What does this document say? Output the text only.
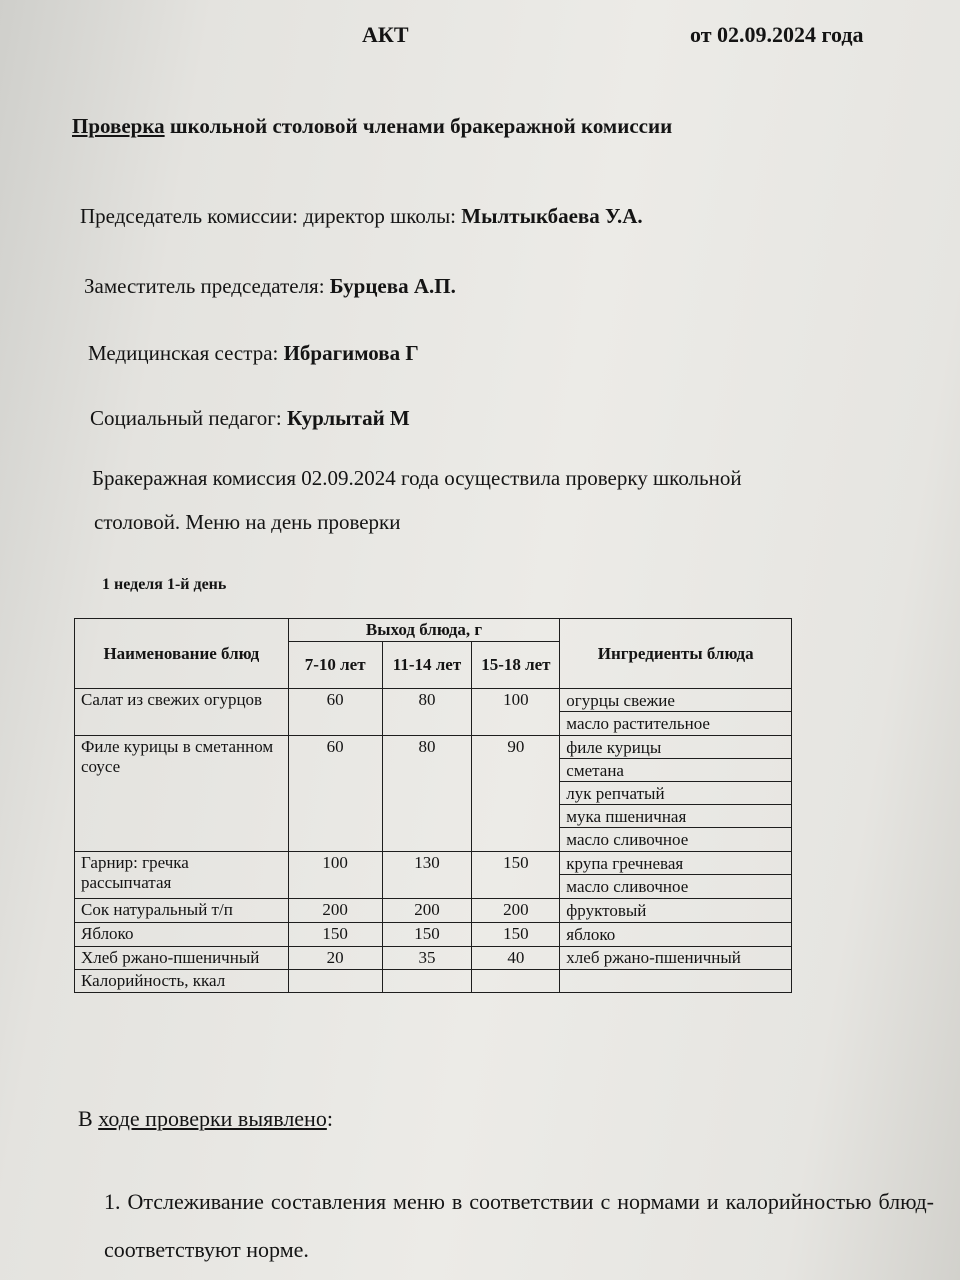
АКТ	от 02.09.2024 года
Проверка школьной столовой членами бракеражной комиссии
Председатель комиссии: директор школы: Мылтыкбаева У.А.
Заместитель председателя: Бурцева А.П.
Медицинская сестра: Ибрагимова Г
Социальный педагог: Курлытай М
Бракеражная комиссия 02.09.2024 года осуществила проверку школьной
столовой. Меню на день проверки
1 неделя 1-й день
Наименование блюд	Выход блюда, г			Ингредиенты блюда
	7-10 лет	11-14 лет	15-18 лет	
Салат из свежих огурцов	60	80	100	огурцы свежие
масло растительное

Филе курицы в сметанном соусе	60	80	90	филе курицы
сметана
лук репчатый
мука пшеничная
масло сливочное

Гарнир: гречка рассыпчатая	100	130	150	крупа гречневая
масло сливочное

Сок натуральный т/п	200	200	200	фруктовый

Яблоко	150	150	150	яблоко

Хлеб ржано-пшеничный	20	35	40	хлеб ржано-пшеничный
Калорийность, ккал				
В ходе проверки выявлено:
1. Отслеживание составления меню в соответствии с нормами и калорийностью блюд-соответствуют норме.
